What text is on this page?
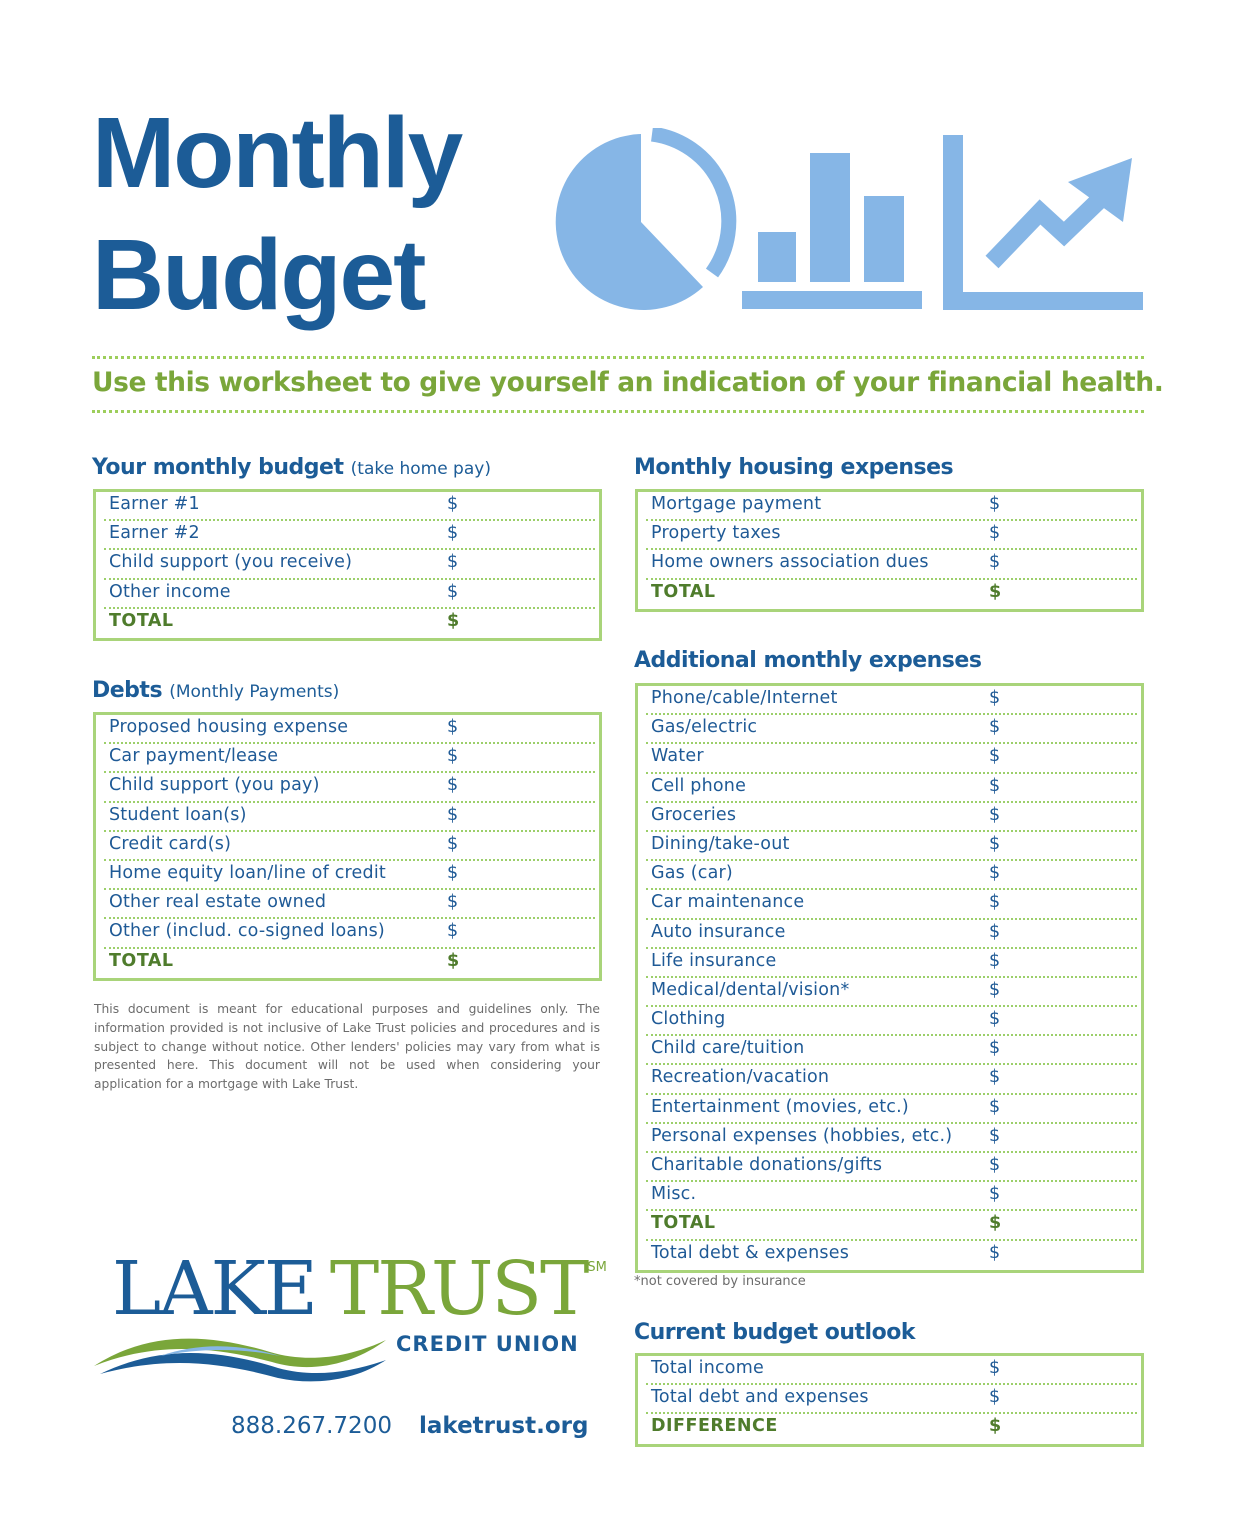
Monthly
Budget

Use this worksheet to give yourself an indication of your financial health.

Your monthly budget (take home pay)
Earner #1	$
Earner #2	$
Child support (you receive)	$
Other income	$
TOTAL	$
Debts (Monthly Payments)
Proposed housing expense	$
Car payment/lease	$
Child support (you pay)	$
Student loan(s)	$
Credit card(s)	$
Home equity loan/line of credit	$
Other real estate owned	$
Other (includ. co-signed loans)	$
TOTAL	$

This document is meant for educational purposes and guidelines only. The information provided is not inclusive of Lake Trust policies and procedures and is subject to change without notice. Other lenders' policies may vary from what is presented here. This document will not be used when considering your application for a mortgage with Lake Trust.

Monthly housing expenses
Mortgage payment	$
Property taxes	$
Home owners association dues	$
TOTAL	$
Additional monthly expenses
Phone/cable/Internet	$
Gas/electric	$
Water	$
Cell phone	$
Groceries	$
Dining/take-out	$
Gas (car)	$
Car maintenance	$
Auto insurance	$
Life insurance	$
Medical/dental/vision*	$
Clothing	$
Child care/tuition	$
Recreation/vacation	$
Entertainment (movies, etc.)	$
Personal expenses (hobbies, etc.) $
Charitable donations/gifts	$
Misc.	$
TOTAL	$
Total debt & expenses	$
*not covered by insurance
Current budget outlook
Total income	$
Total debt and expenses	$
DIFFERENCE	$
LAKE TRUST℠
CREDIT UNION
888.267.7200 laketrust.org
